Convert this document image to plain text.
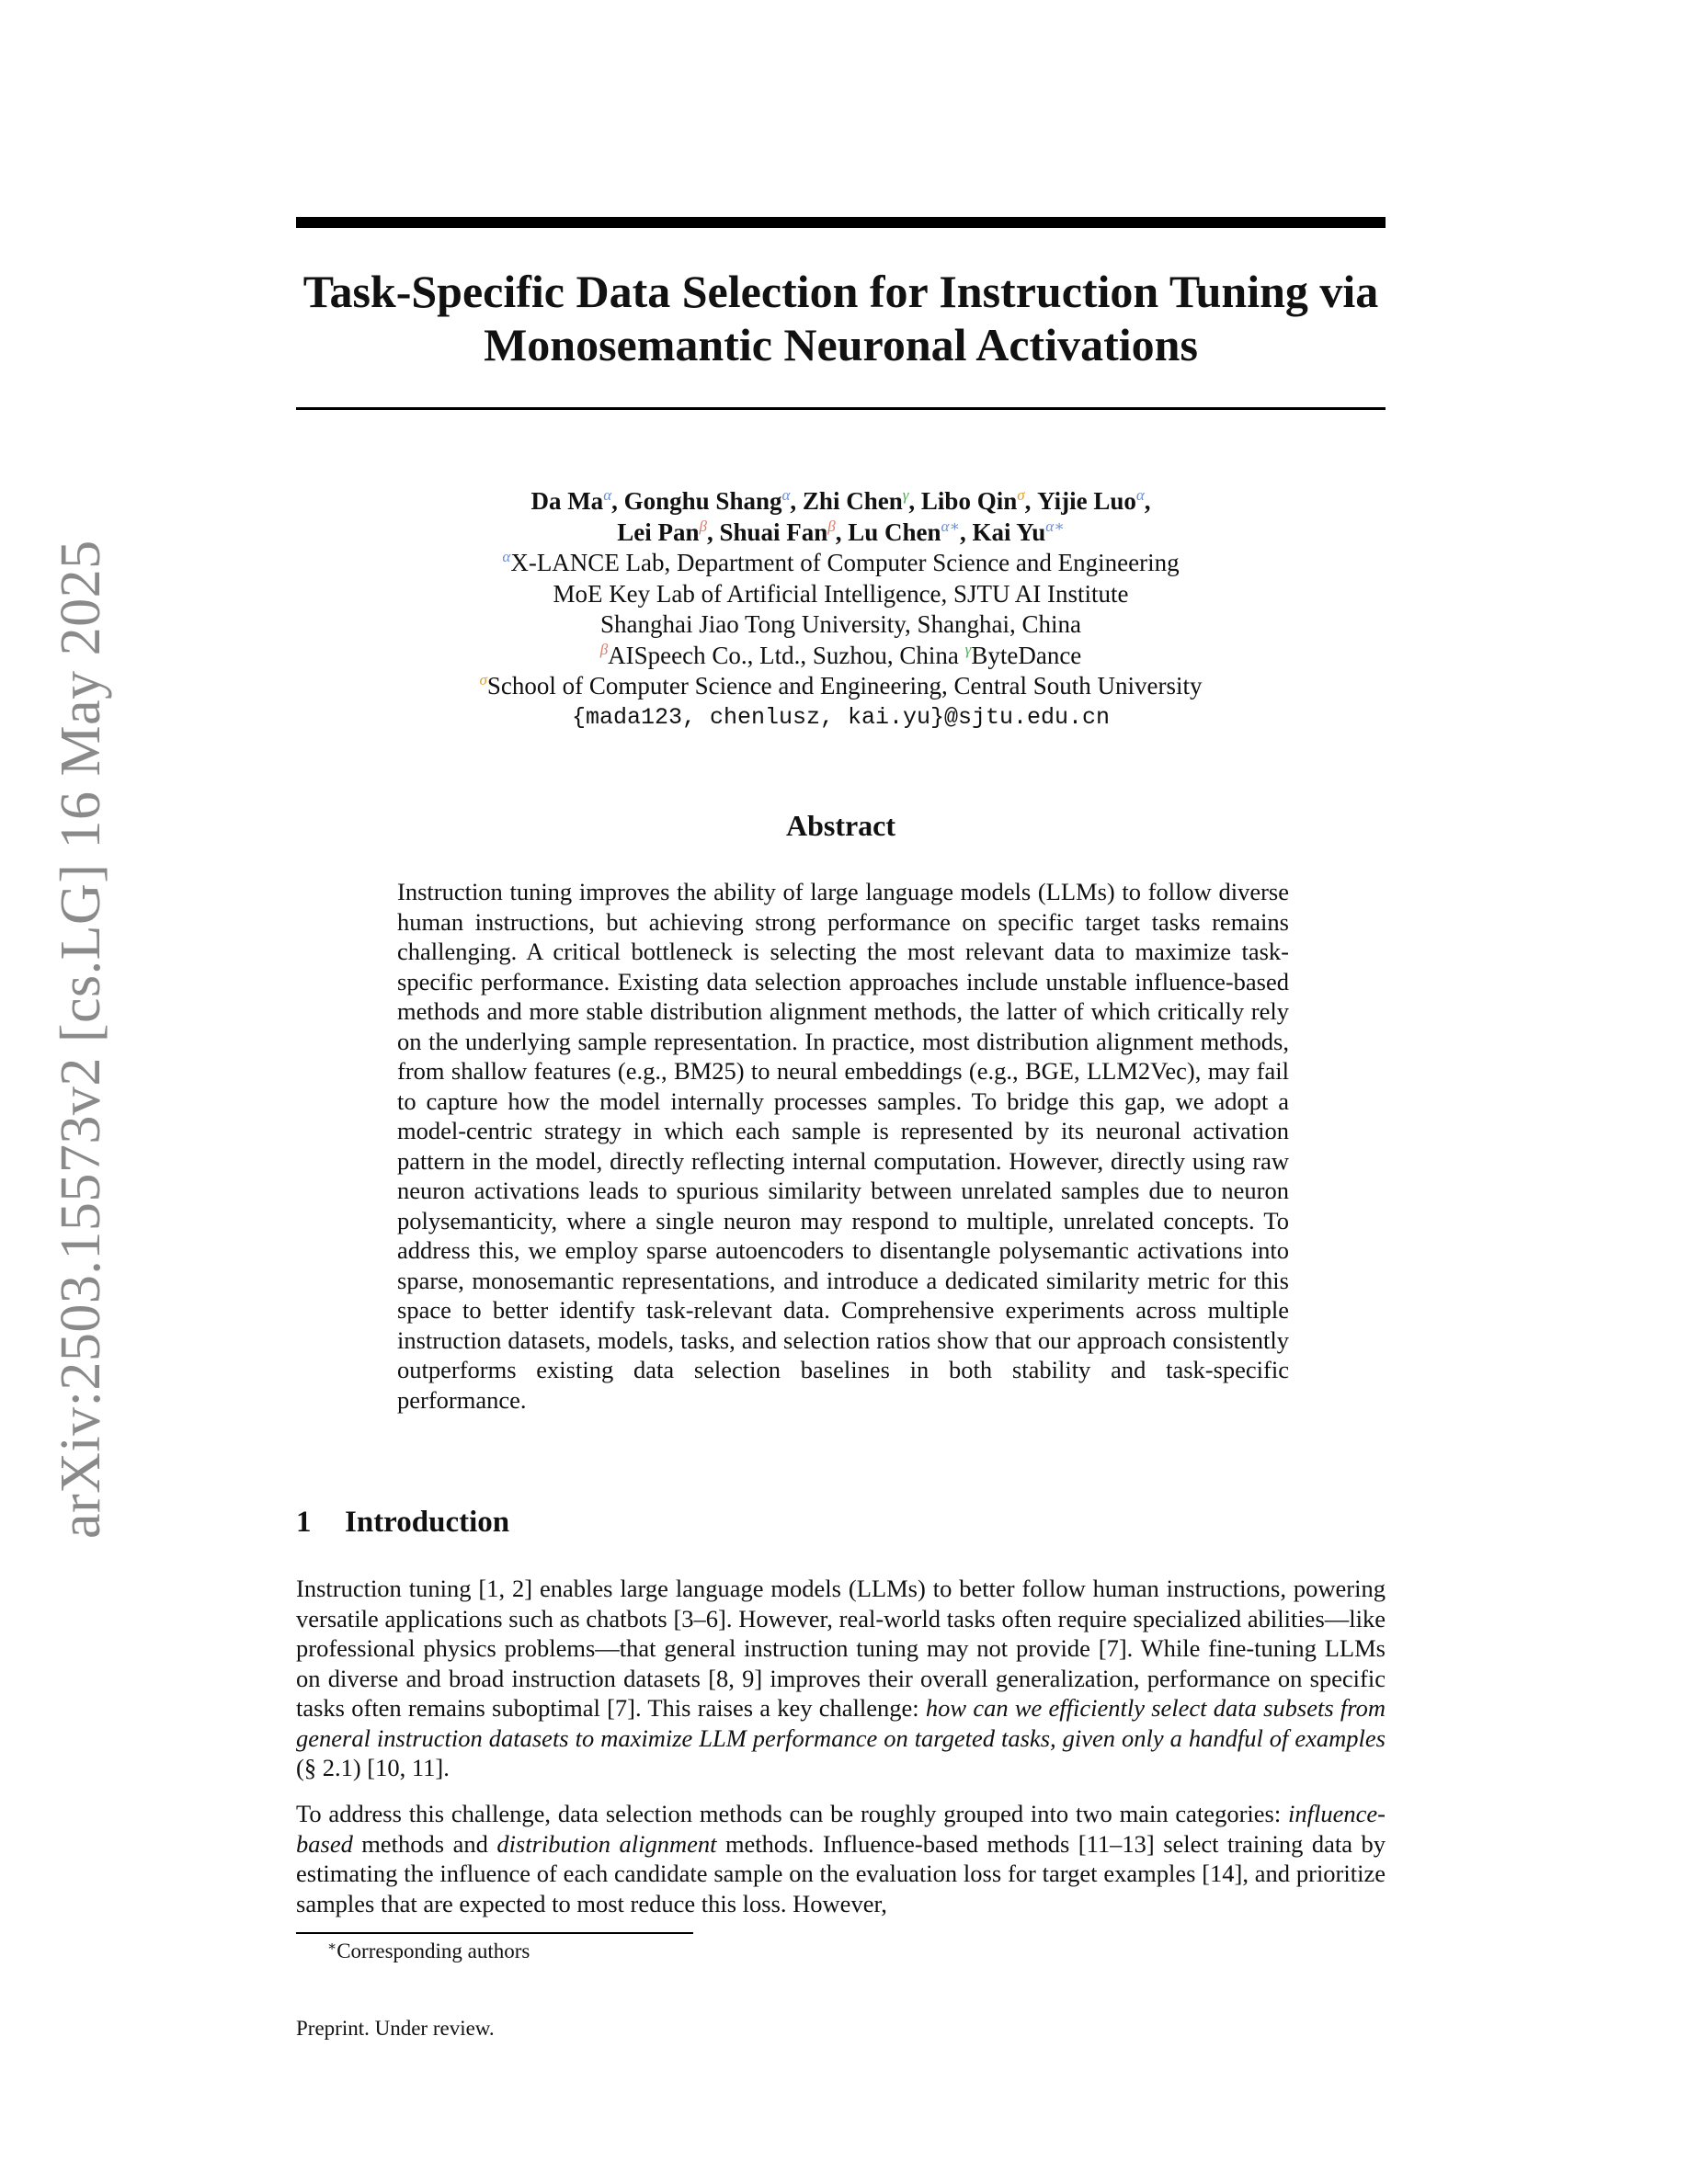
arXiv:2503.15573v2 [cs.LG] 16 May 2025
Task-Specific Data Selection for Instruction Tuning via
Monosemantic Neuronal Activations
Da $Ma^\alpha$, Gonghu Shang$^\alpha$, Zhi Chen$^\gamma$, Libo Qin$^\sigma$, Yijie Luo$^\alpha$,
Lei Pan$^\beta$, Shuai Fan$^\beta$, Lu Chen$^{\alpha∗}$, Kai $Yu^{\alpha∗}$
$^\alpha$X-LANCE Lab, Department of Computer Science and Engineering
MoE Key Lab of Artificial Intelligence, SJTU AI Institute
Shanghai Jiao Tong University, Shanghai, China
$^\beta$AISpeech Co., Ltd., Suzhou, China $^\gamma$ByteDance
$^\sigma$School of Computer Science and Engineering, Central South University
{mada123, chenlusz, kai.yu}@sjtu.edu.cn
Abstract

Instruction tuning improves the ability of large language models (LLMs) to follow diverse human instructions, but achieving strong performance on specific target tasks remains challenging. A critical bottleneck is selecting the most relevant data to maximize task-specific performance. Existing data selection approaches include unstable influence-based methods and more stable distribution alignment methods, the latter of which critically rely on the underlying sample representation. In practice, most distribution alignment methods, from shallow features (e.g., BM25) to neural embeddings (e.g., BGE, LLM2Vec), may fail to capture how the model internally processes samples. To bridge this gap, we adopt a model-centric strategy in which each sample is represented by its neuronal activation pattern in the model, directly reflecting internal computation. However, directly using raw neuron activations leads to spurious similarity between unrelated samples due to neuron polysemanticity, where a single neuron may respond to multiple, unrelated concepts. To address this, we employ sparse autoencoders to disentangle polysemantic activations into sparse, monosemantic representations, and introduce a dedicated similarity metric for this space to better identify task-relevant data. Comprehensive experiments across multiple instruction datasets, models, tasks, and selection ratios show that our approach consistently outperforms existing data selection baselines in both stability and task-specific performance.

1 Introduction

Instruction tuning [1, 2] enables large language models (LLMs) to better follow human instructions, powering versatile applications such as chatbots [3–6]. However, real-world tasks often require specialized abilities—like professional physics problems—that general instruction tuning may not provide [7]. While fine-tuning LLMs on diverse and broad instruction datasets [8, 9] improves their overall generalization, performance on specific tasks often remains suboptimal [7]. This raises a key challenge: how can we efficiently select data subsets from general instruction datasets to maximize LLM performance on targeted tasks, given only a handful of examples (§ 2.1) [10, 11].

To address this challenge, data selection methods can be roughly grouped into two main categories: influence-based methods and distribution alignment methods. Influence-based methods [11–13] select training data by estimating the influence of each candidate sample on the evaluation loss for target examples [14], and prioritize samples that are expected to most reduce this loss. However,

∗Corresponding authors
Preprint. Under review.
